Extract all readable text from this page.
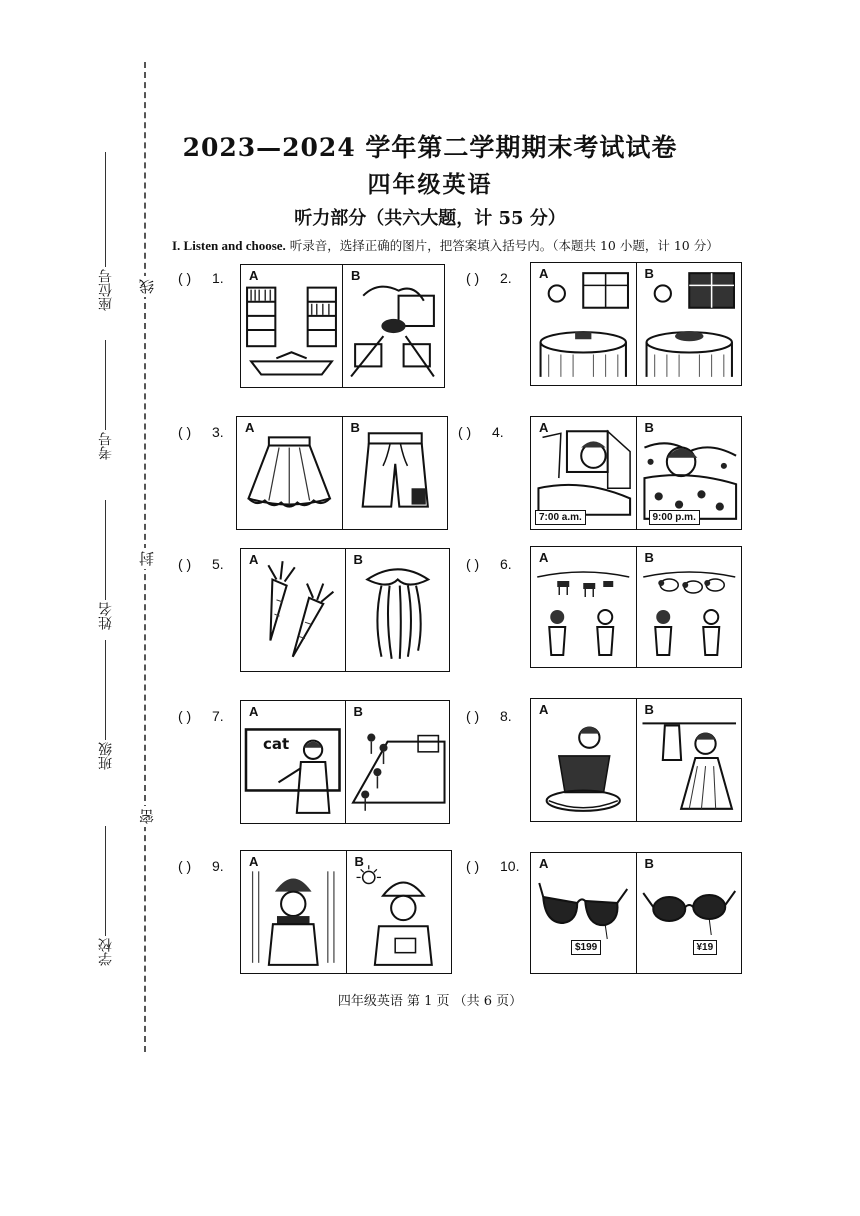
线
封
密
座位号
考号
姓名
班级
学校
2023—2024 学年第二学期期末考试试卷
四年级英语
听力部分（共六大题，计 55 分）
I. Listen and choose. 听录音，选择正确的图片，把答案填入括号内。（本题共 10 小题，计 10 分）
( ) 1. A	B	( ) 2. A	B
( ) 3. A	B	( ) 4.	A
7:00 a.m.
B
9:00 p.m.
( ) 5. A	B	( ) 6. A	B
( ) 7. A
cat
B	( ) 8. A	B
( ) 9. A	B	( ) 10. A
$199
B
¥19
四年级英语 第 1 页 （共 6 页）
